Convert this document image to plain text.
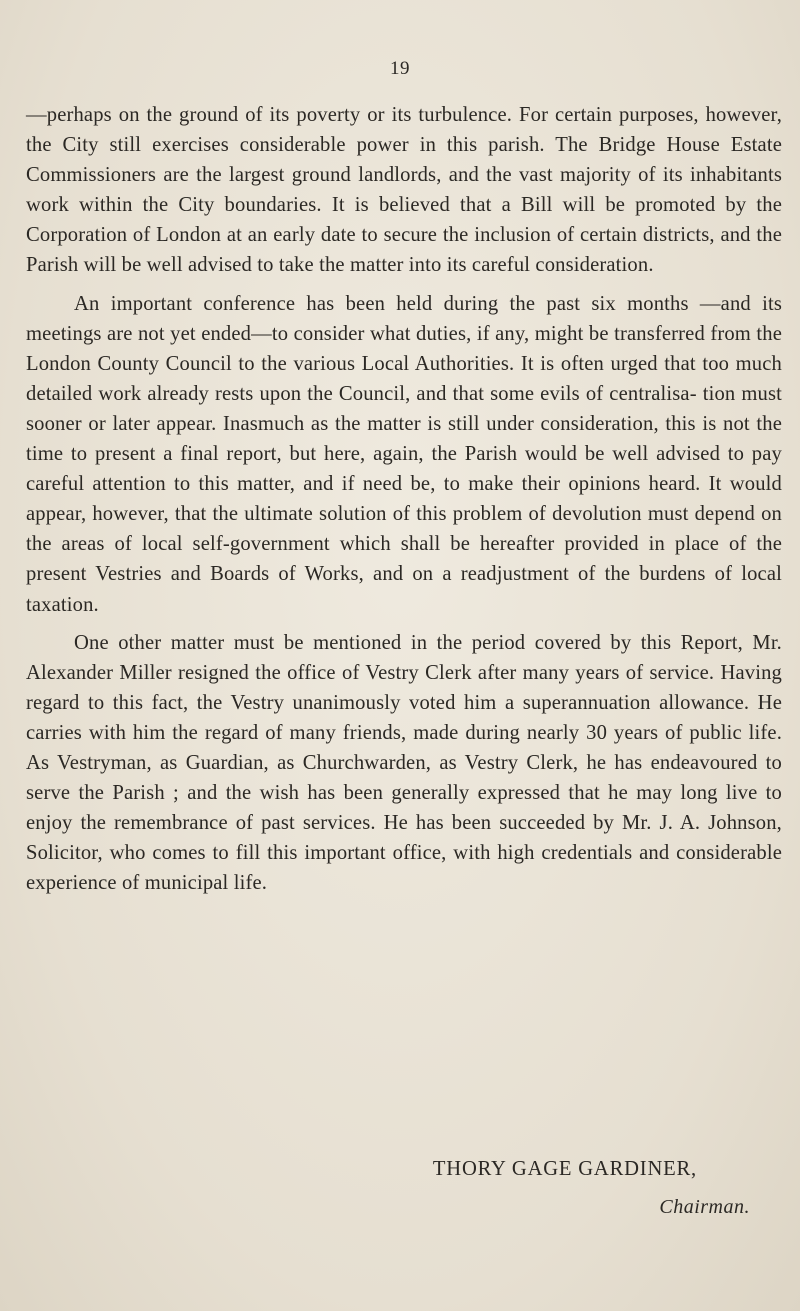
19

—perhaps on the ground of its poverty or its turbulence. For certain purposes, however, the City still exercises considerable power in this parish. The Bridge House Estate Commissioners are the largest ground landlords, and the vast majority of its inhabitants work within the City boundaries. It is believed that a Bill will be promoted by the Corporation of London at an early date to secure the inclusion of certain districts, and the Parish will be well advised to take the matter into its careful consideration.

An important conference has been held during the past six months —and its meetings are not yet ended—to consider what duties, if any, might be transferred from the London County Council to the various Local Authorities. It is often urged that too much detailed work already rests upon the Council, and that some evils of centralisa- tion must sooner or later appear. Inasmuch as the matter is still under consideration, this is not the time to present a final report, but here, again, the Parish would be well advised to pay careful attention to this matter, and if need be, to make their opinions heard. It would appear, however, that the ultimate solution of this problem of devolution must depend on the areas of local self-government which shall be hereafter provided in place of the present Vestries and Boards of Works, and on a readjustment of the burdens of local taxation.

One other matter must be mentioned in the period covered by this Report, Mr. Alexander Miller resigned the office of Vestry Clerk after many years of service. Having regard to this fact, the Vestry unanimously voted him a superannuation allowance. He carries with him the regard of many friends, made during nearly 30 years of public life. As Vestryman, as Guardian, as Churchwarden, as Vestry Clerk, he has endeavoured to serve the Parish ; and the wish has been generally expressed that he may long live to enjoy the remembrance of past services. He has been succeeded by Mr. J. A. Johnson, Solicitor, who comes to fill this important office, with high credentials and considerable experience of municipal life.

THORY GAGE GARDINER,
Chairman.
